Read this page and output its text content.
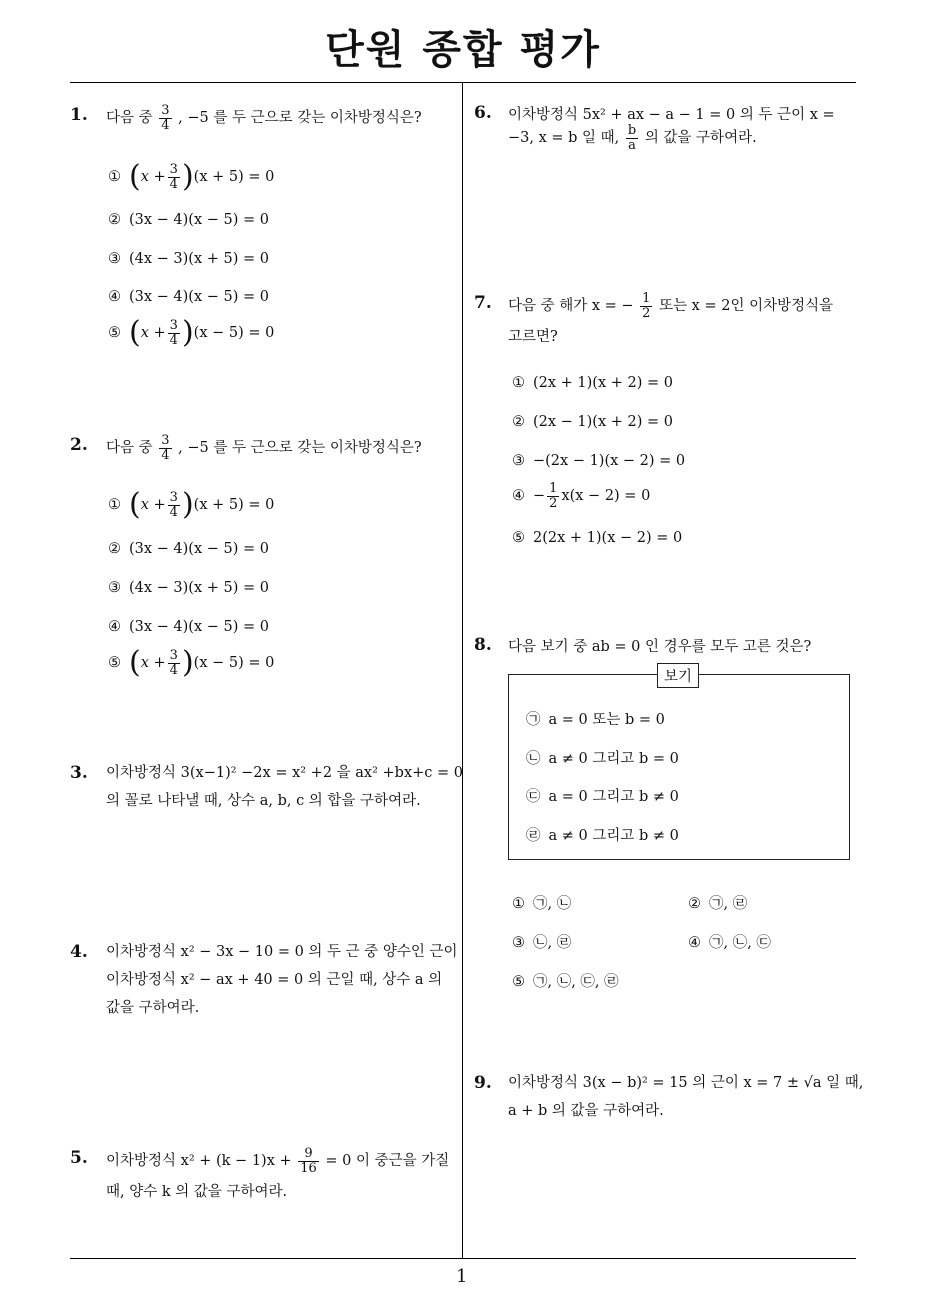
단원 종합 평가
1
1. 다음 중 $\frac{3}{4}$ , −5 를 두 근으로 갖는 이차방정식은?
① $(x + \frac{3}{4} )(x + 5) = 0$
② (3x − 4)(x − 5) = 0
③ (4x − 3)(x + 5) = 0
④ (3x − 4)(x − 5) = 0
⑤ $(x + \frac{3}{4} )(x - 5) = 0$
2. 다음 중 $\frac{3}{4}$ , −5 를 두 근으로 갖는 이차방정식은?
① $(x + \frac{3}{4} )(x + 5) = 0$
② (3x − 4)(x − 5) = 0
③ (4x − 3)(x + 5) = 0
④ (3x − 4)(x − 5) = 0
⑤ $(x + \frac{3}{4} )(x - 5) = 0$
3. 이차방정식 3(x−1)² −2x = x² +2 을 ax² +bx+c = 0
의 꼴로 나타낼 때, 상수 a, b, c 의 합을 구하여라.
4. 이차방정식 x² − 3x − 10 = 0 의 두 근 중 양수인 근이
이차방정식 x² − ax + 40 = 0 의 근일 때, 상수 a 의
값을 구하여라.
5. 이차방정식 $x^2 + (k - 1)x + \frac{9}{16} = 0$ 이 중근을 가질
때, 양수 k 의 값을 구하여라.
6. 이차방정식 5x² + ax − a − 1 = 0 의 두 근이 x =
−3, x = b 일 때, $\frac{b}{a}$ 의 값을 구하여라.
7. 다음 중 해가 x = − $\frac{1}{2}$ 또는 x = 2인 이차방정식을
고르면?
① (2x + 1)(x + 2) = 0
② (2x − 1)(x + 2) = 0
③ −(2x − 1)(x − 2) = 0
④ − $\frac{1}{2} x(x - 2) = 0$
⑤ 2(2x + 1)(x − 2) = 0
8. 다음 보기 중 ab = 0 인 경우를 모두 고른 것은?
보기
㉠ a = 0 또는 b = 0
㉡ a ≠ 0 그리고 b = 0
㉢ a = 0 그리고 b ≠ 0
㉣ a ≠ 0 그리고 b ≠ 0
① ㉠, ㉡	② ㉠, ㉣
③ ㉡, ㉣	④ ㉠, ㉡, ㉢
⑤ ㉠, ㉡, ㉢, ㉣
9. 이차방정식 3(x − b)² = 15 의 근이 x = 7 ± √a 일 때,
a + b 의 값을 구하여라.
